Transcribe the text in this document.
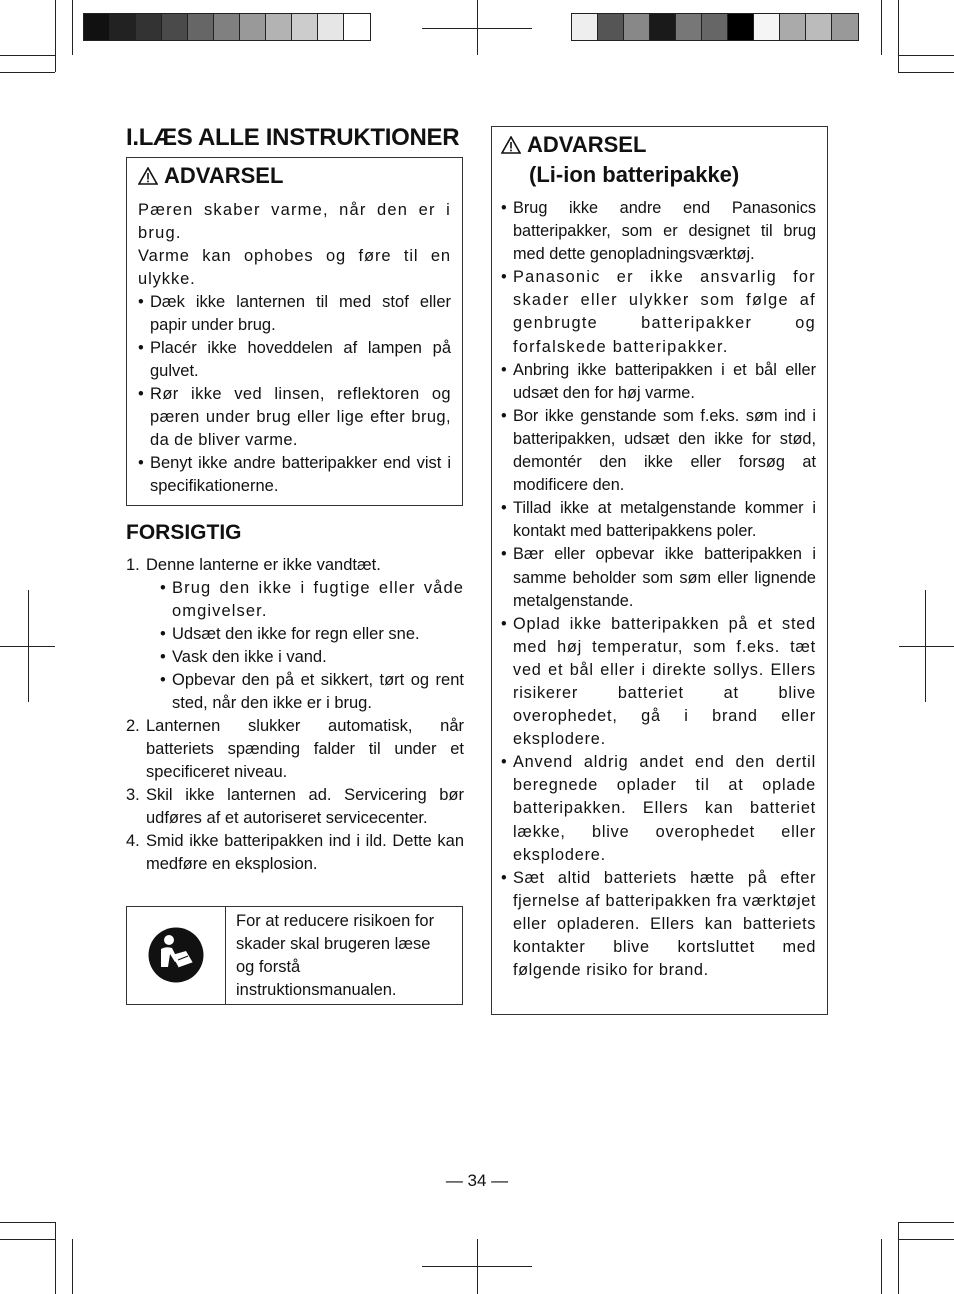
I.LÆS ALLE INSTRUKTIONER
ADVARSEL

Pæren skaber varme, når den er i brug.

Varme kan ophobes og føre til en ulykke.

• Dæk ikke lanternen til med stof eller papir under brug.
• Placér ikke hoveddelen af lampen på gulvet.
• Rør ikke ved linsen, reflektoren og pæren under brug eller lige efter brug, da de bliver varme.
• Benyt ikke andre batteripakker end vist i specifikationerne.
FORSIGTIG
1. Denne lanterne er ikke vandtæt.
• Brug den ikke i fugtige eller våde omgivelser.
• Udsæt den ikke for regn eller sne.
• Vask den ikke i vand.
• Opbevar den på et sikkert, tørt og rent sted, når den ikke er i brug.
2. Lanternen slukker automatisk, når batteriets spænding falder til under et specificeret niveau.
3. Skil ikke lanternen ad. Servicering bør udføres af et autoriseret servicecenter.
4. Smid ikke batteripakken ind i ild. Dette kan medføre en eksplosion.
For at reducere risikoen for skader skal brugeren læse og forstå instruktionsmanualen.
ADVARSEL
(Li-ion batteripakke)
• Brug ikke andre end Panasonics batteripakker, som er designet til brug med dette genopladningsværktøj.
• Panasonic er ikke ansvarlig for skader eller ulykker som følge af genbrugte batteripakker og forfalskede batteripakker.
• Anbring ikke batteripakken i et bål eller udsæt den for høj varme.
• Bor ikke genstande som f.eks. søm ind i batteripakken, udsæt den ikke for stød, demontér den ikke eller forsøg at modificere den.
• Tillad ikke at metalgenstande kommer i kontakt med batteripakkens poler.
• Bær eller opbevar ikke batteripakken i samme beholder som søm eller lignende metalgenstande.
• Oplad ikke batteripakken på et sted med høj temperatur, som f.eks. tæt ved et bål eller i direkte sollys. Ellers risikerer batteriet at blive overophedet, gå i brand eller eksplodere.
• Anvend aldrig andet end den dertil beregnede oplader til at oplade batteripakken. Ellers kan batteriet lække, blive overophedet eller eksplodere.
• Sæt altid batteriets hætte på efter fjernelse af batteripakken fra værktøjet eller opladeren. Ellers kan batteriets kontakter blive kortsluttet med følgende risiko for brand.
— 34 —
